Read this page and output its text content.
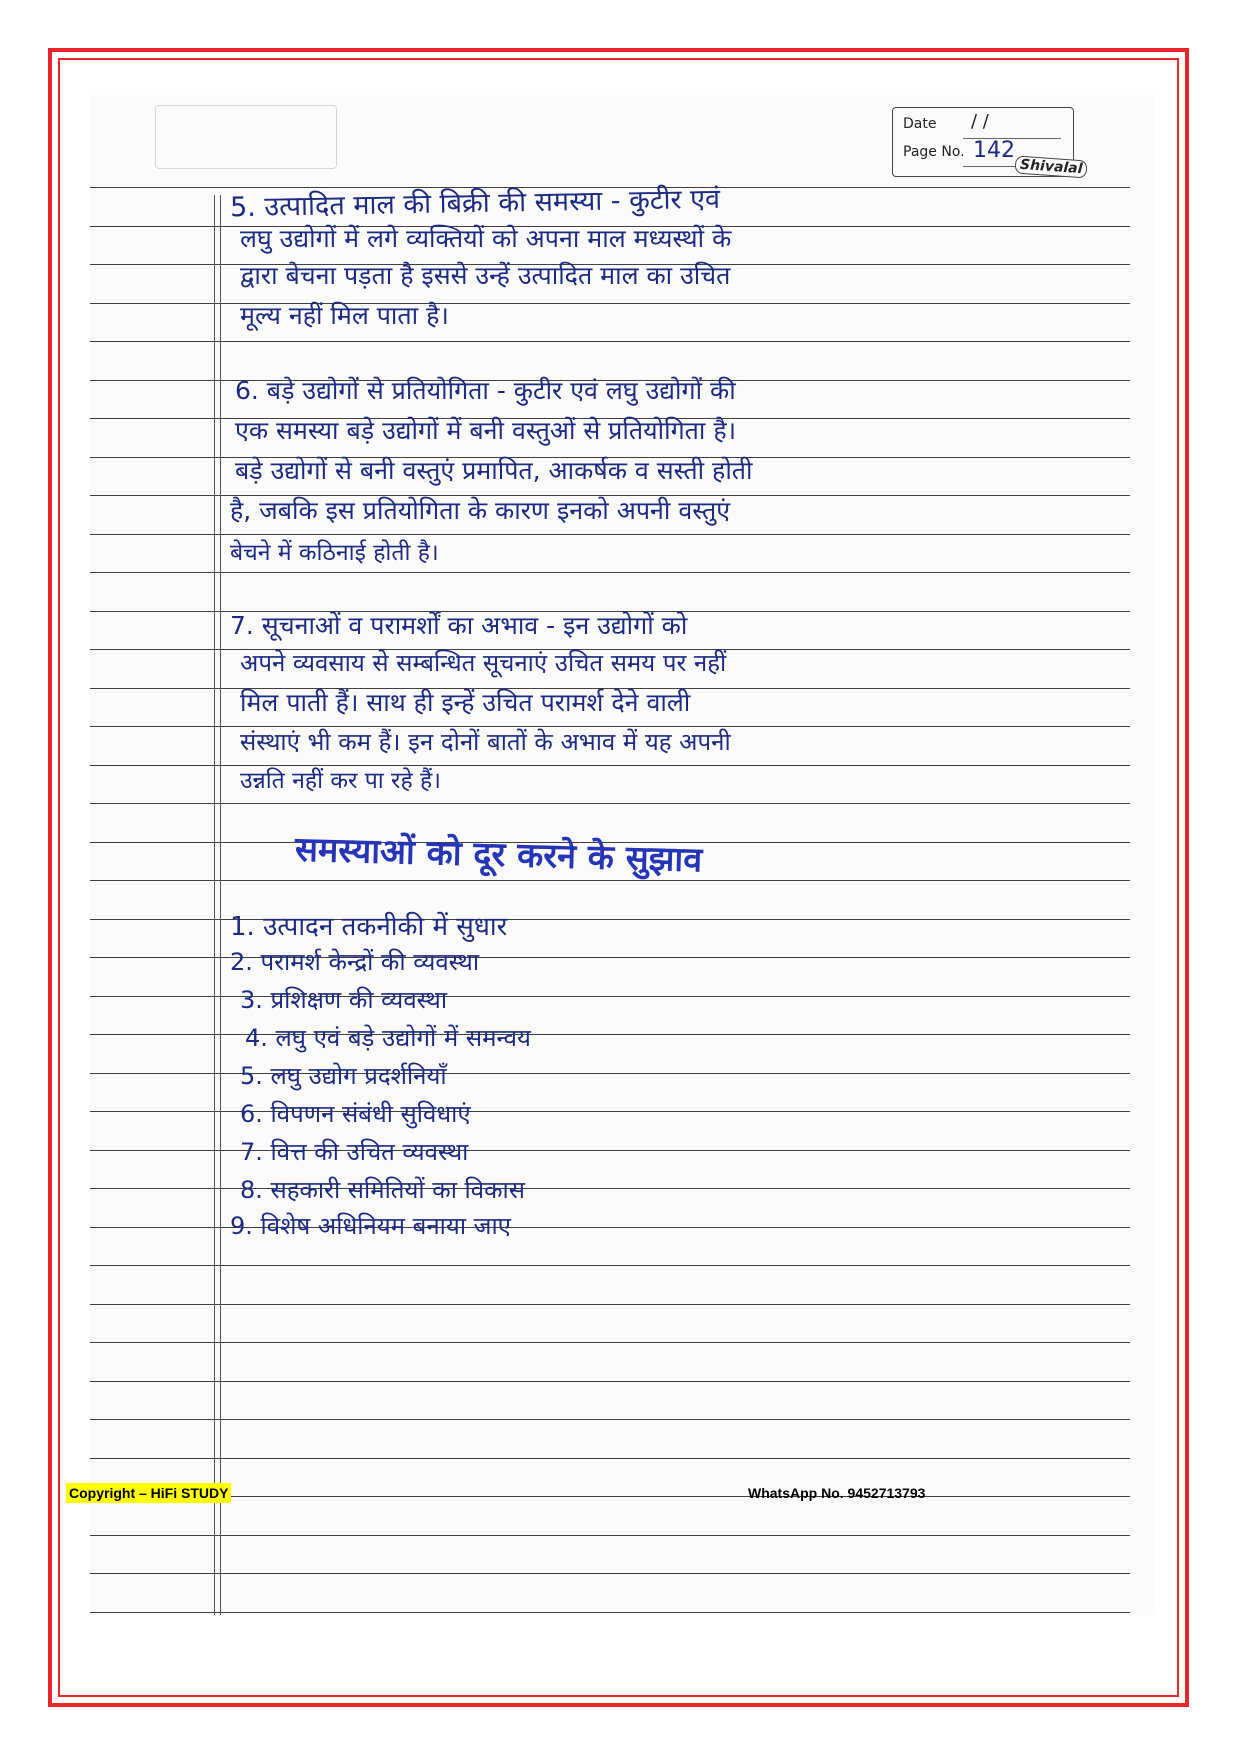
Date / /
Page No. 142
Shivalal
5. उत्पादित माल की बिक्री की समस्या - कुटीर एवं
लघु उद्योगों में लगे व्यक्तियों को अपना माल मध्यस्थों के
द्वारा बेचना पड़ता है इससे उन्हें उत्पादित माल का उचित
मूल्य नहीं मिल पाता है।
6. बड़े उद्योगों से प्रतियोगिता - कुटीर एवं लघु उद्योगों की
एक समस्या बड़े उद्योगों में बनी वस्तुओं से प्रतियोगिता है।
बड़े उद्योगों से बनी वस्तुएं प्रमापित, आकर्षक व सस्ती होती
है, जबकि इस प्रतियोगिता के कारण इनको अपनी वस्तुएं
बेचने में कठिनाई होती है।
7. सूचनाओं व परामर्शों का अभाव - इन उद्योगों को
अपने व्यवसाय से सम्बन्धित सूचनाएं उचित समय पर नहीं
मिल पाती हैं। साथ ही इन्हें उचित परामर्श देने वाली
संस्थाएं भी कम हैं। इन दोनों बातों के अभाव में यह अपनी
उन्नति नहीं कर पा रहे हैं।
समस्याओं को दूर करने के सुझाव
1. उत्पादन तकनीकी में सुधार
2. परामर्श केन्द्रों की व्यवस्था
3. प्रशिक्षण की व्यवस्था
4. लघु एवं बड़े उद्योगों में समन्वय
5. लघु उद्योग प्रदर्शनियाँ
6. विपणन संबंधी सुविधाएं
7. वित्त की उचित व्यवस्था
8. सहकारी समितियों का विकास
9. विशेष अधिनियम बनाया जाए
Copyright – HiFi STUDY	WhatsApp No. 9452713793
